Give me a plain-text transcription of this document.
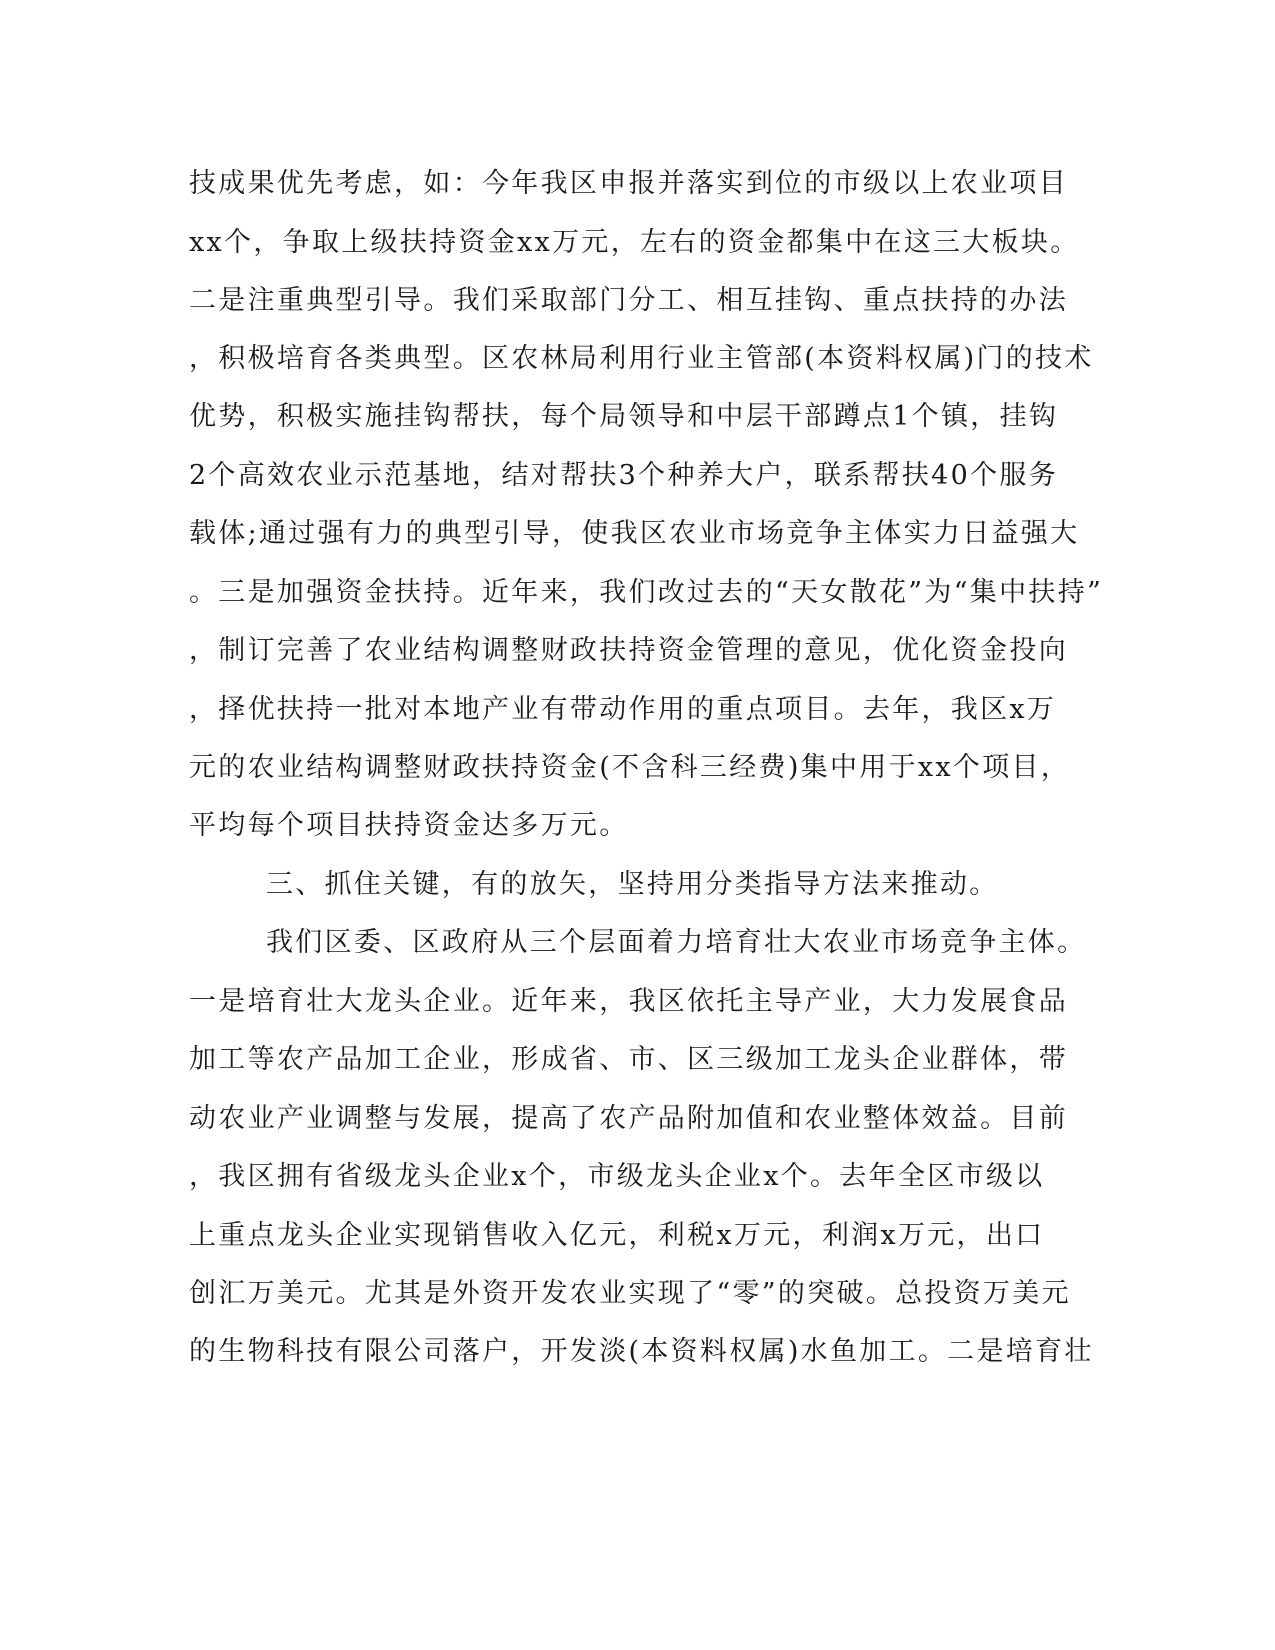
技成果优先考虑，如：今年我区申报并落实到位的市级以上农业项目
xx个，争取上级扶持资金xx万元，左右的资金都集中在这三大板块。
二是注重典型引导。我们采取部门分工、相互挂钩、重点扶持的办法
，积极培育各类典型。区农林局利用行业主管部(本资料权属)门的技术
优势，积极实施挂钩帮扶，每个局领导和中层干部蹲点1个镇，挂钩
2个高效农业示范基地，结对帮扶3个种养大户，联系帮扶40个服务
载体;通过强有力的典型引导，使我区农业市场竞争主体实力日益强大
。三是加强资金扶持。近年来，我们改过去的“天女散花”为“集中扶持”
，制订完善了农业结构调整财政扶持资金管理的意见，优化资金投向
，择优扶持一批对本地产业有带动作用的重点项目。去年，我区x万
元的农业结构调整财政扶持资金(不含科三经费)集中用于xx个项目，
平均每个项目扶持资金达多万元。
三、抓住关键，有的放矢，坚持用分类指导方法来推动。
我们区委、区政府从三个层面着力培育壮大农业市场竞争主体。
一是培育壮大龙头企业。近年来，我区依托主导产业，大力发展食品
加工等农产品加工企业，形成省、市、区三级加工龙头企业群体，带
动农业产业调整与发展，提高了农产品附加值和农业整体效益。目前
，我区拥有省级龙头企业x个，市级龙头企业x个。去年全区市级以
上重点龙头企业实现销售收入亿元，利税x万元，利润x万元，出口
创汇万美元。尤其是外资开发农业实现了“零”的突破。总投资万美元
的生物科技有限公司落户，开发淡(本资料权属)水鱼加工。二是培育壮
